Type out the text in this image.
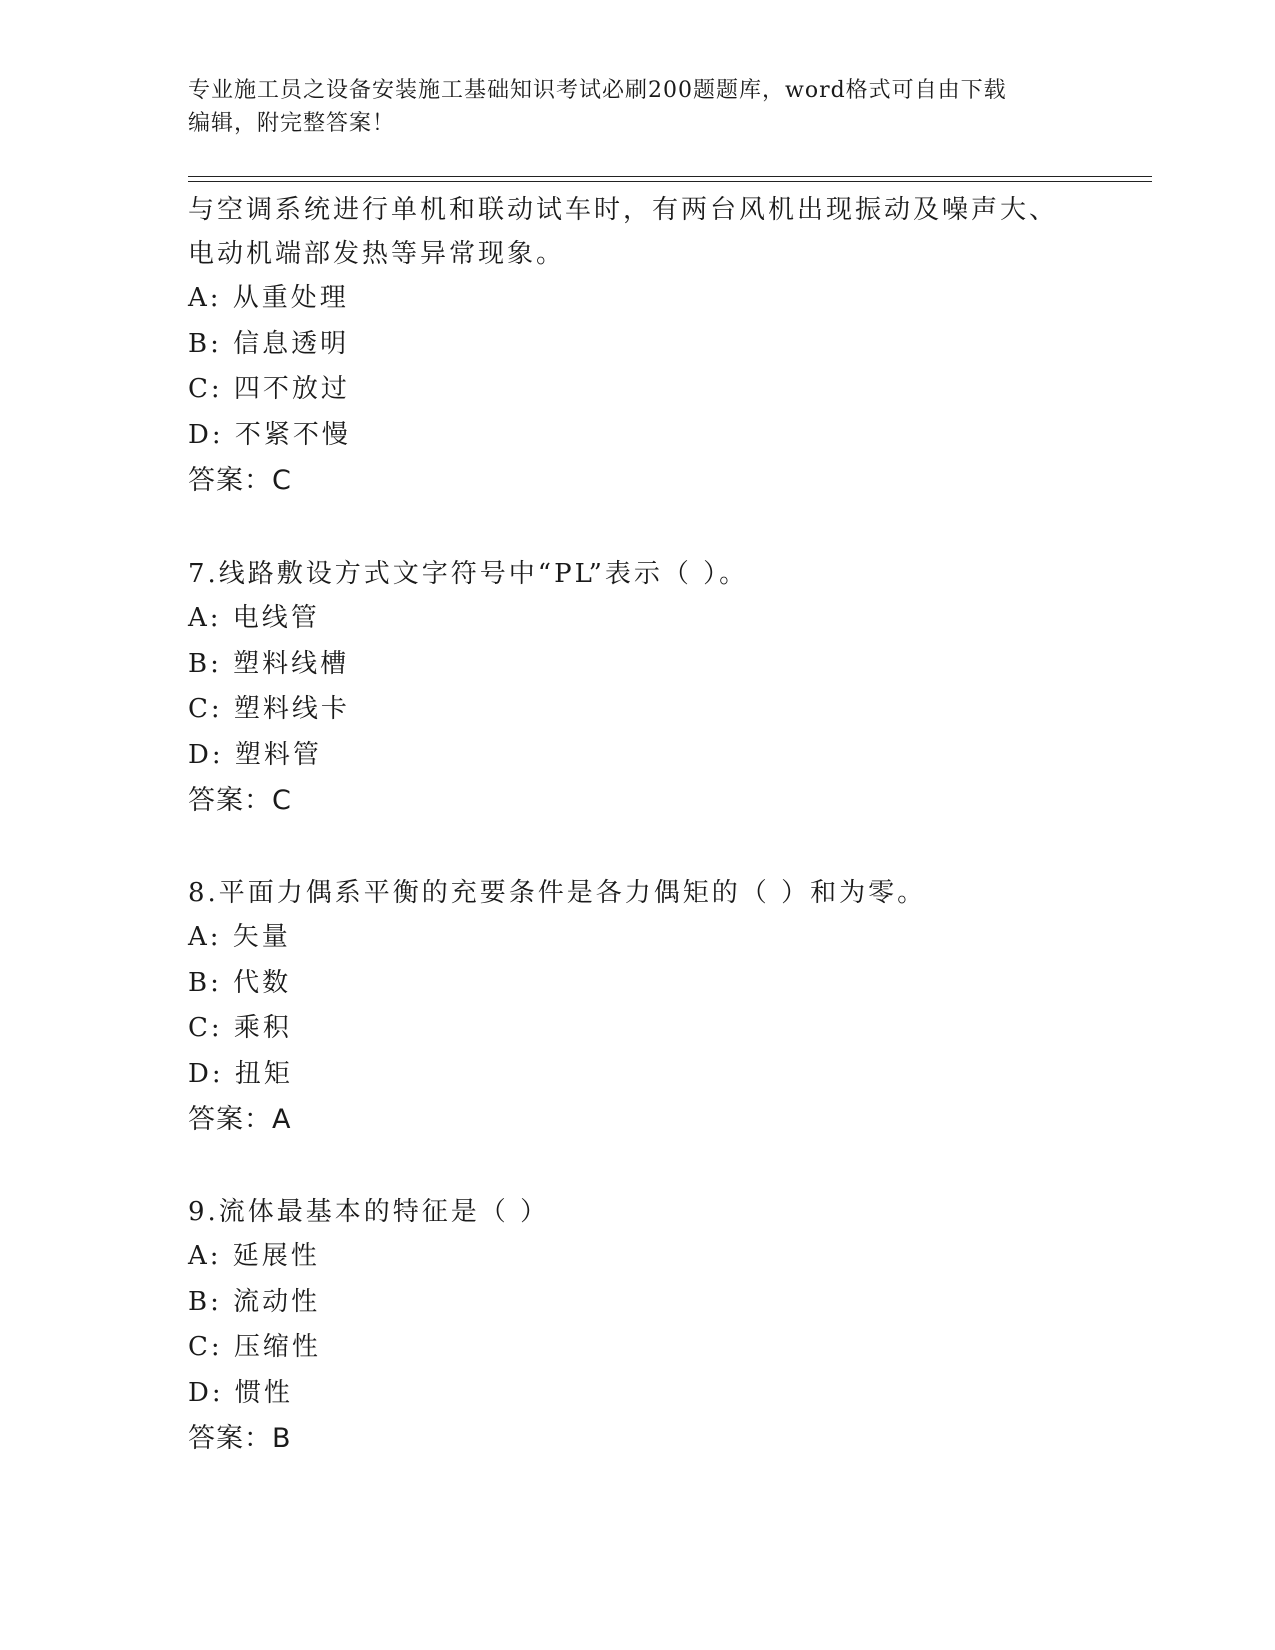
专业施工员之设备安装施工基础知识考试必刷200题题库，word格式可自由下载
编辑，附完整答案！
与空调系统进行单机和联动试车时，有两台风机出现振动及噪声大、
电动机端部发热等异常现象。
A: 从重处理
B: 信息透明
C: 四不放过
D: 不紧不慢
答案：C
7.线路敷设方式文字符号中“PL”表示（ ）。
A: 电线管
B: 塑料线槽
C: 塑料线卡
D: 塑料管
答案：C
8.平面力偶系平衡的充要条件是各力偶矩的（ ）和为零。
A: 矢量
B: 代数
C: 乘积
D: 扭矩
答案：A
9.流体最基本的特征是（ ）
A: 延展性
B: 流动性
C: 压缩性
D: 惯性
答案：B
